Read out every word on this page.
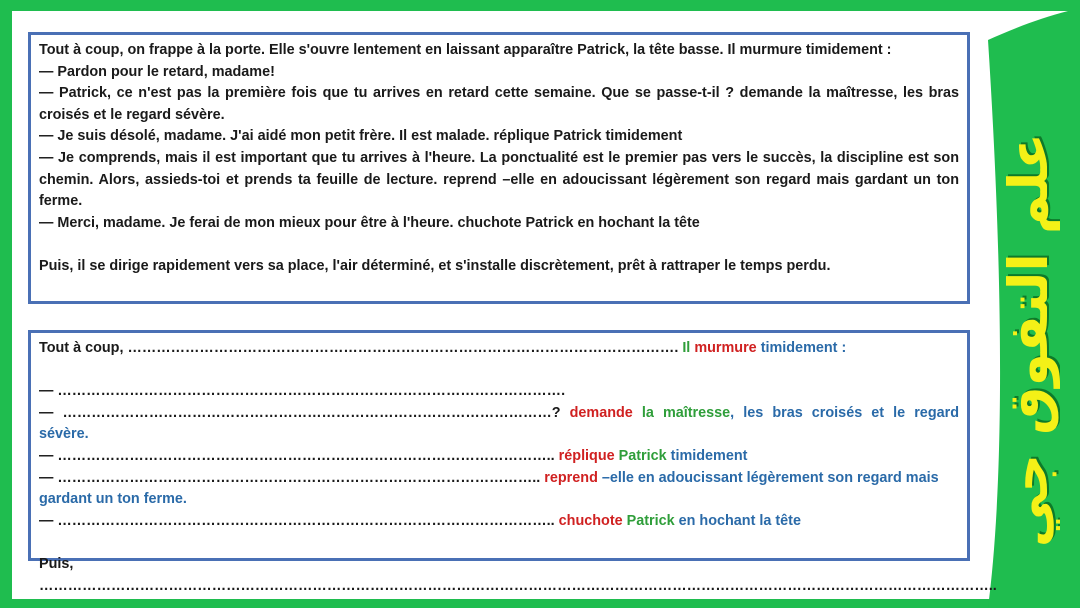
علم التفوق جي

Tout à coup, on frappe à la porte. Elle s'ouvre lentement en laissant apparaître Patrick, la tête basse. Il murmure timidement :

— Pardon pour le retard, madame!

— Patrick, ce n'est pas la première fois que tu arrives en retard cette semaine. Que se passe-t-il ? demande la maîtresse, les bras croisés et le regard sévère.

— Je suis désolé, madame. J'ai aidé mon petit frère. Il est malade. réplique Patrick timidement

— Je comprends, mais il est important que tu arrives à l'heure. La ponctualité est le premier pas vers le succès, la discipline est son chemin. Alors, assieds-toi et prends ta feuille de lecture. reprend –elle en adoucissant légèrement son regard mais gardant un ton ferme.

— Merci, madame. Je ferai de mon mieux pour être à l'heure. chuchote Patrick en hochant la tête

Puis, il se dirige rapidement vers sa place, l'air déterminé, et s'installe discrètement, prêt à rattraper le temps perdu.

Tout à coup, ……………………………………………………………………………………………………. Il murmure timidement :

— …………………………………………………………………………………………….

— …………………………………………………………………………………………? demande la maîtresse, les bras croisés et le regard sévère.

— ………………………………………………………………………………………….. réplique Patrick timidement

— ……………………………………………………………………………………….. reprend –elle en adoucissant légèrement son regard mais
gardant un ton ferme.

— ………………………………………………………………………………………….. chuchote Patrick en hochant la tête

Puis, ………………………………………………………………………………………………………………………………………………………………………………..
